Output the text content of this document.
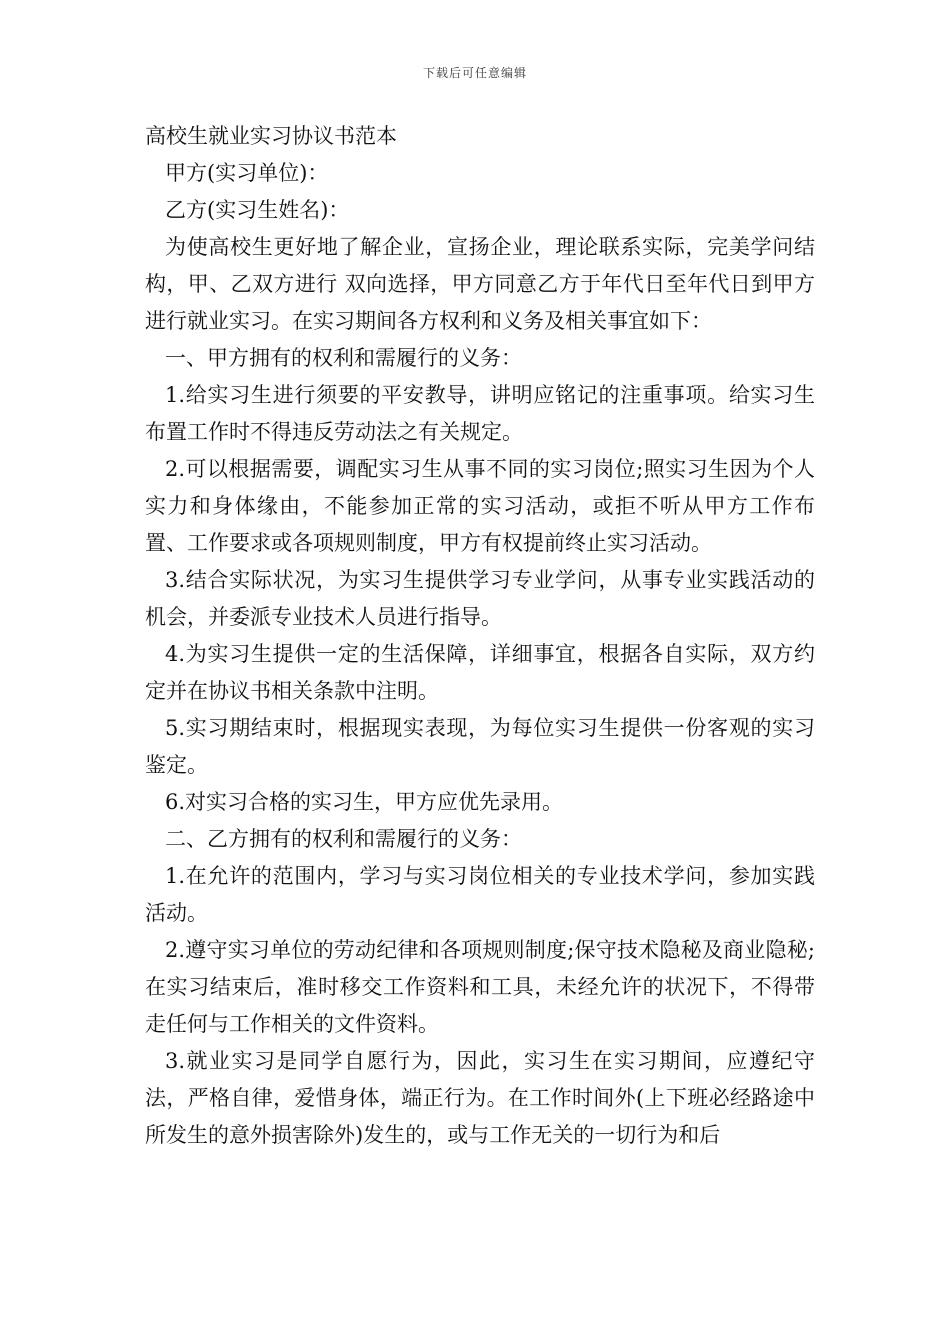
下载后可任意编辑
高校生就业实习协议书范本

甲方(实习单位)：

乙方(实习生姓名)：

为使高校生更好地了解企业，宣扬企业，理论联系实际，完美学问结构，甲、乙双方进行 双向选择，甲方同意乙方于年代日至年代日到甲方进行就业实习。在实习期间各方权利和义务及相关事宜如下：

一、甲方拥有的权利和需履行的义务：

1.给实习生进行须要的平安教导，讲明应铭记的注重事项。给实习生布置工作时不得违反劳动法之有关规定。

2.可以根据需要，调配实习生从事不同的实习岗位;照实习生因为个人实力和身体缘由，不能参加正常的实习活动，或拒不听从甲方工作布置、工作要求或各项规则制度，甲方有权提前终止实习活动。

3.结合实际状况，为实习生提供学习专业学问，从事专业实践活动的机会，并委派专业技术人员进行指导。

4.为实习生提供一定的生活保障，详细事宜，根据各自实际，双方约定并在协议书相关条款中注明。

5.实习期结束时，根据现实表现，为每位实习生提供一份客观的实习鉴定。

6.对实习合格的实习生，甲方应优先录用。

二、乙方拥有的权利和需履行的义务：

1.在允许的范围内，学习与实习岗位相关的专业技术学问，参加实践活动。

2.遵守实习单位的劳动纪律和各项规则制度;保守技术隐秘及商业隐秘;在实习结束后，准时移交工作资料和工具，未经允许的状况下，不得带走任何与工作相关的文件资料。

3.就业实习是同学自愿行为，因此，实习生在实习期间，应遵纪守法，严格自律，爱惜身体，端正行为。在工作时间外(上下班必经路途中所发生的意外损害除外)发生的，或与工作无关的一切行为和后
